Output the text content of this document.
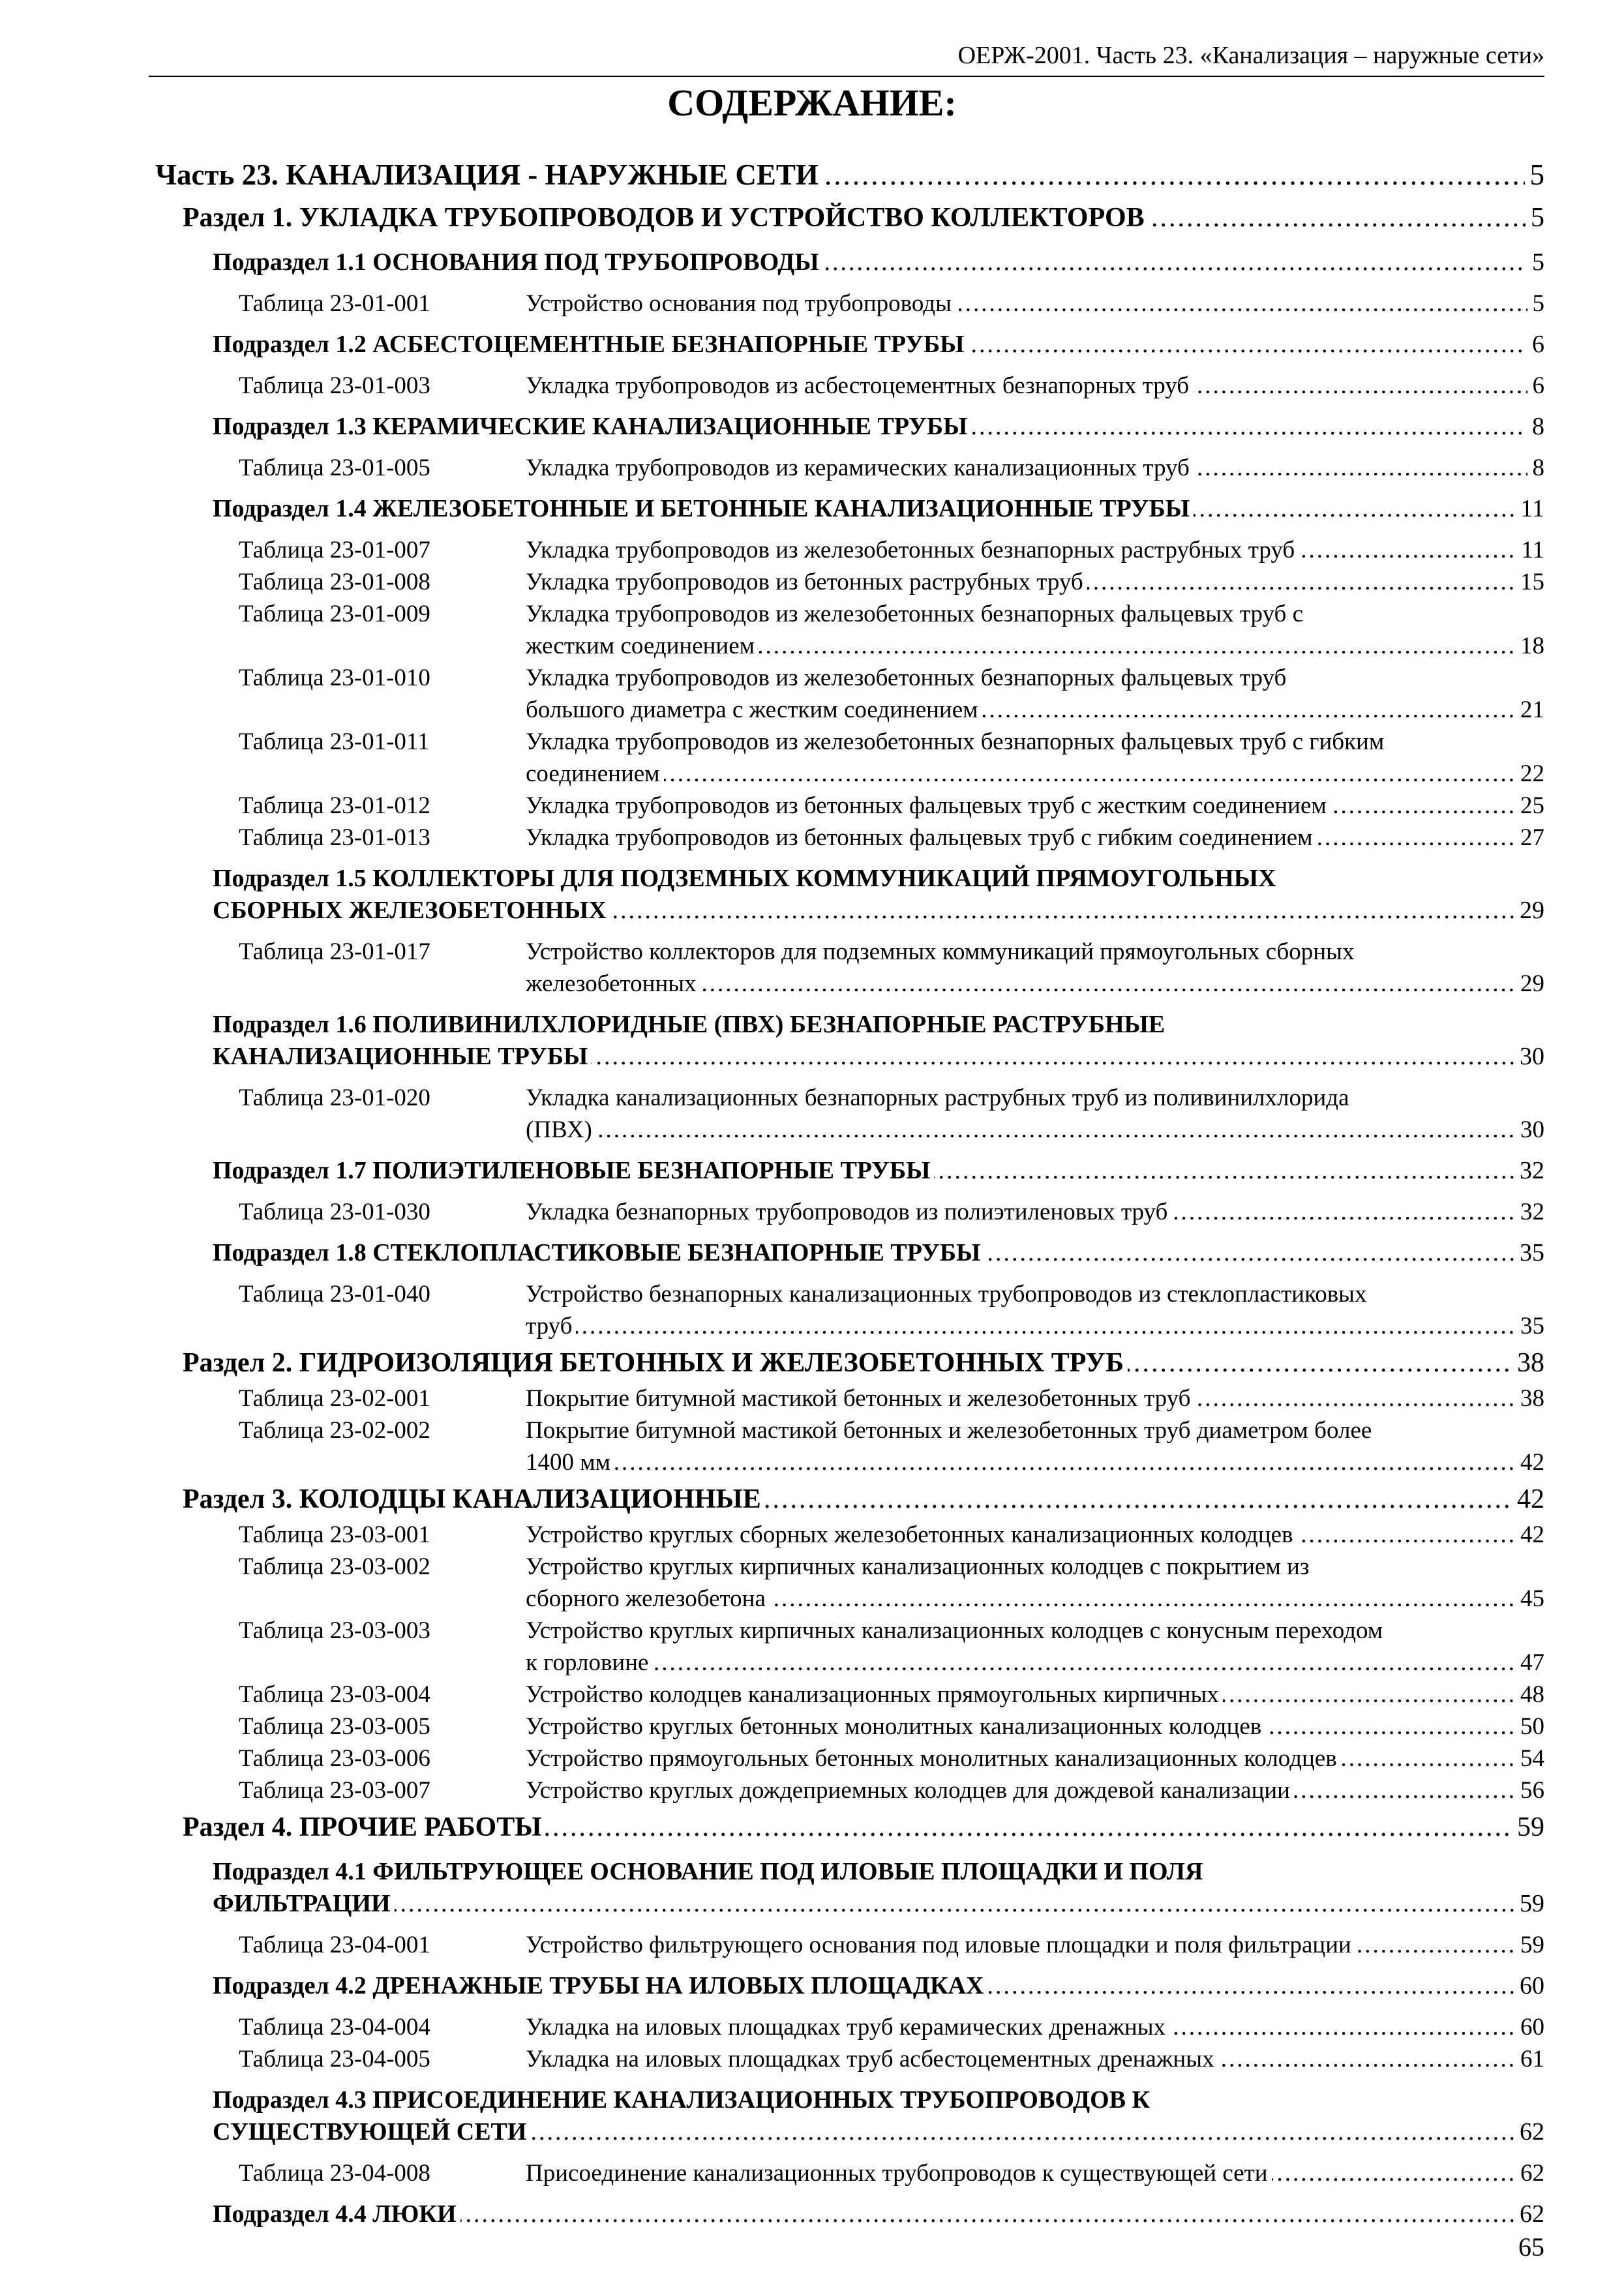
ОЕРЖ-2001. Часть 23. «Канализация – наружные сети»
СОДЕРЖАНИЕ:
Часть 23. КАНАЛИЗАЦИЯ - НАРУЖНЫЕ СЕТИ	5
.....
Раздел 1. УКЛАДКА ТРУБОПРОВОДОВ И УСТРОЙСТВО КОЛЛЕКТОРОВ	5
.....
Подраздел 1.1 ОСНОВАНИЯ ПОД ТРУБОПРОВОДЫ	5
.....
Таблица 23-01-001	Устройство основания под трубопроводы	5
.....
Подраздел 1.2 АСБЕСТОЦЕМЕНТНЫЕ БЕЗНАПОРНЫЕ ТРУБЫ	6
.....
Таблица 23-01-003	Укладка трубопроводов из асбестоцементных безнапорных труб	6
.....
Подраздел 1.3 КЕРАМИЧЕСКИЕ КАНАЛИЗАЦИОННЫЕ ТРУБЫ	8
.....
Таблица 23-01-005	Укладка трубопроводов из керамических канализационных труб	8
.....
Подраздел 1.4 ЖЕЛЕЗОБЕТОННЫЕ И БЕТОННЫЕ КАНАЛИЗАЦИОННЫЕ ТРУБЫ	11
.....
Таблица 23-01-007	Укладка трубопроводов из железобетонных безнапорных раструбных труб	11
.....
Таблица 23-01-008	Укладка трубопроводов из бетонных раструбных труб	15
.....
Таблица 23-01-009	Укладка трубопроводов из железобетонных безнапорных фальцевых труб с
жестким соединением	18
.....
Таблица 23-01-010	Укладка трубопроводов из железобетонных безнапорных фальцевых труб
большого диаметра с жестким соединением	21
.....
Таблица 23-01-011	Укладка трубопроводов из железобетонных безнапорных фальцевых труб с гибким
соединением	22
.....
Таблица 23-01-012	Укладка трубопроводов из бетонных фальцевых труб с жестким соединением	25
.....
Таблица 23-01-013	Укладка трубопроводов из бетонных фальцевых труб с гибким соединением	27
.....
Подраздел 1.5 КОЛЛЕКТОРЫ ДЛЯ ПОДЗЕМНЫХ КОММУНИКАЦИЙ ПРЯМОУГОЛЬНЫХ
СБОРНЫХ ЖЕЛЕЗОБЕТОННЫХ	29
.....
Таблица 23-01-017	Устройство коллекторов для подземных коммуникаций прямоугольных сборных
железобетонных	29
.....
Подраздел 1.6 ПОЛИВИНИЛХЛОРИДНЫЕ (ПВХ) БЕЗНАПОРНЫЕ РАСТРУБНЫЕ
КАНАЛИЗАЦИОННЫЕ ТРУБЫ	30
.....
Таблица 23-01-020	Укладка канализационных безнапорных раструбных труб из поливинилхлорида
(ПВХ)	30
.....
Подраздел 1.7 ПОЛИЭТИЛЕНОВЫЕ БЕЗНАПОРНЫЕ ТРУБЫ	32
.....
Таблица 23-01-030	Укладка безнапорных трубопроводов из полиэтиленовых труб	32
.....
Подраздел 1.8 СТЕКЛОПЛАСТИКОВЫЕ БЕЗНАПОРНЫЕ ТРУБЫ	35
.....
Таблица 23-01-040	Устройство безнапорных канализационных трубопроводов из стеклопластиковых
труб	35
.....
Раздел 2. ГИДРОИЗОЛЯЦИЯ БЕТОННЫХ И ЖЕЛЕЗОБЕТОННЫХ ТРУБ	38
.....
Таблица 23-02-001	Покрытие битумной мастикой бетонных и железобетонных труб	38
.....
Таблица 23-02-002	Покрытие битумной мастикой бетонных и железобетонных труб диаметром более
1400 мм	42
.....
Раздел 3. КОЛОДЦЫ КАНАЛИЗАЦИОННЫЕ	42
.....
Таблица 23-03-001	Устройство круглых сборных железобетонных канализационных колодцев	42
.....
Таблица 23-03-002	Устройство круглых кирпичных канализационных колодцев с покрытием из
сборного железобетона	45
.....
Таблица 23-03-003	Устройство круглых кирпичных канализационных колодцев с конусным переходом
к горловине	47
.....
Таблица 23-03-004	Устройство колодцев канализационных прямоугольных кирпичных	48
.....
Таблица 23-03-005	Устройство круглых бетонных монолитных канализационных колодцев	50
.....
Таблица 23-03-006	Устройство прямоугольных бетонных монолитных канализационных колодцев	54
.....
Таблица 23-03-007	Устройство круглых дождеприемных колодцев для дождевой канализации	56
.....
Раздел 4. ПРОЧИЕ РАБОТЫ	59
.....
Подраздел 4.1 ФИЛЬТРУЮЩЕЕ ОСНОВАНИЕ ПОД ИЛОВЫЕ ПЛОЩАДКИ И ПОЛЯ
ФИЛЬТРАЦИИ	59
.....
Таблица 23-04-001	Устройство фильтрующего основания под иловые площадки и поля фильтрации	59
.....
Подраздел 4.2 ДРЕНАЖНЫЕ ТРУБЫ НА ИЛОВЫХ ПЛОЩАДКАХ	60
.....
Таблица 23-04-004	Укладка на иловых площадках труб керамических дренажных	60
.....
Таблица 23-04-005	Укладка на иловых площадках труб асбестоцементных дренажных	61
.....
Подраздел 4.3 ПРИСОЕДИНЕНИЕ КАНАЛИЗАЦИОННЫХ ТРУБОПРОВОДОВ К
СУЩЕСТВУЮЩЕЙ СЕТИ	62
.....
Таблица 23-04-008	Присоединение канализационных трубопроводов к существующей сети	62
.....
Подраздел 4.4 ЛЮКИ	62
.....
65
